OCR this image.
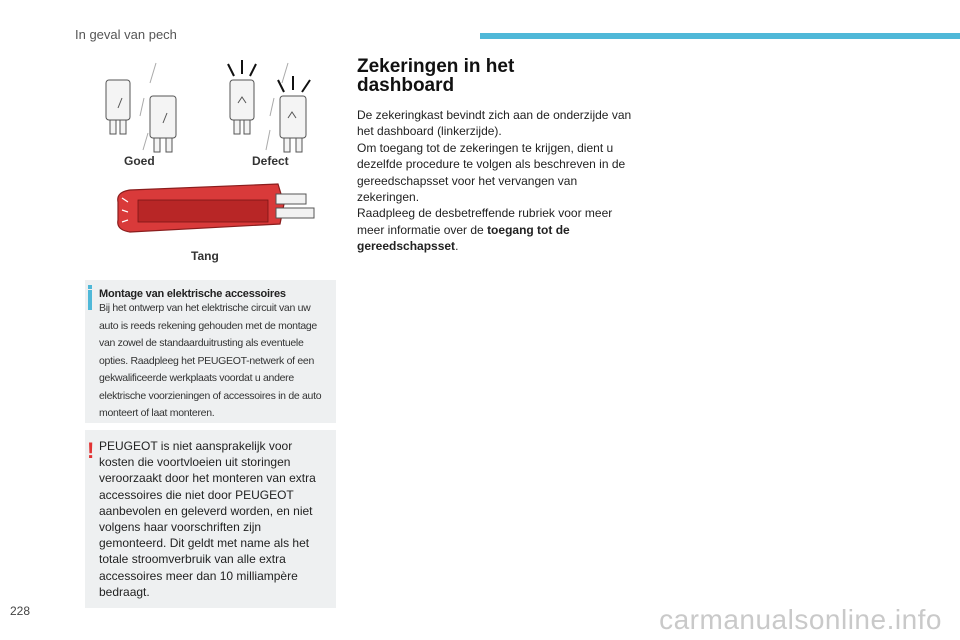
In geval van pech
Goed	Defect
Tang
Montage van elektrische accessoires
Bij het ontwerp van het elektrische circuit van uw auto is reeds rekening gehouden met de montage van zowel de standaarduitrusting als eventuele opties. Raadpleeg het PEUGEOT-netwerk of een gekwalificeerde werkplaats voordat u andere elektrische voorzieningen of accessoires in de auto monteert of laat monteren.
! PEUGEOT is niet aansprakelijk voor kosten die voortvloeien uit storingen veroorzaakt door het monteren van extra accessoires die niet door PEUGEOT aanbevolen en geleverd worden, en niet volgens haar voorschriften zijn gemonteerd. Dit geldt met name als het totale stroomverbruik van alle extra accessoires meer dan 10 milliampère bedraagt.
Zekeringen in het dashboard

De zekeringkast bevindt zich aan de onderzijde van het dashboard (linkerzijde).

Om toegang tot de zekeringen te krijgen, dient u dezelfde procedure te volgen als beschreven in de gereedschapsset voor het vervangen van zekeringen.

Raadpleeg de desbetreffende rubriek voor meer meer informatie over de toegang tot de gereedschapsset.

228	carmanualsonline.info
